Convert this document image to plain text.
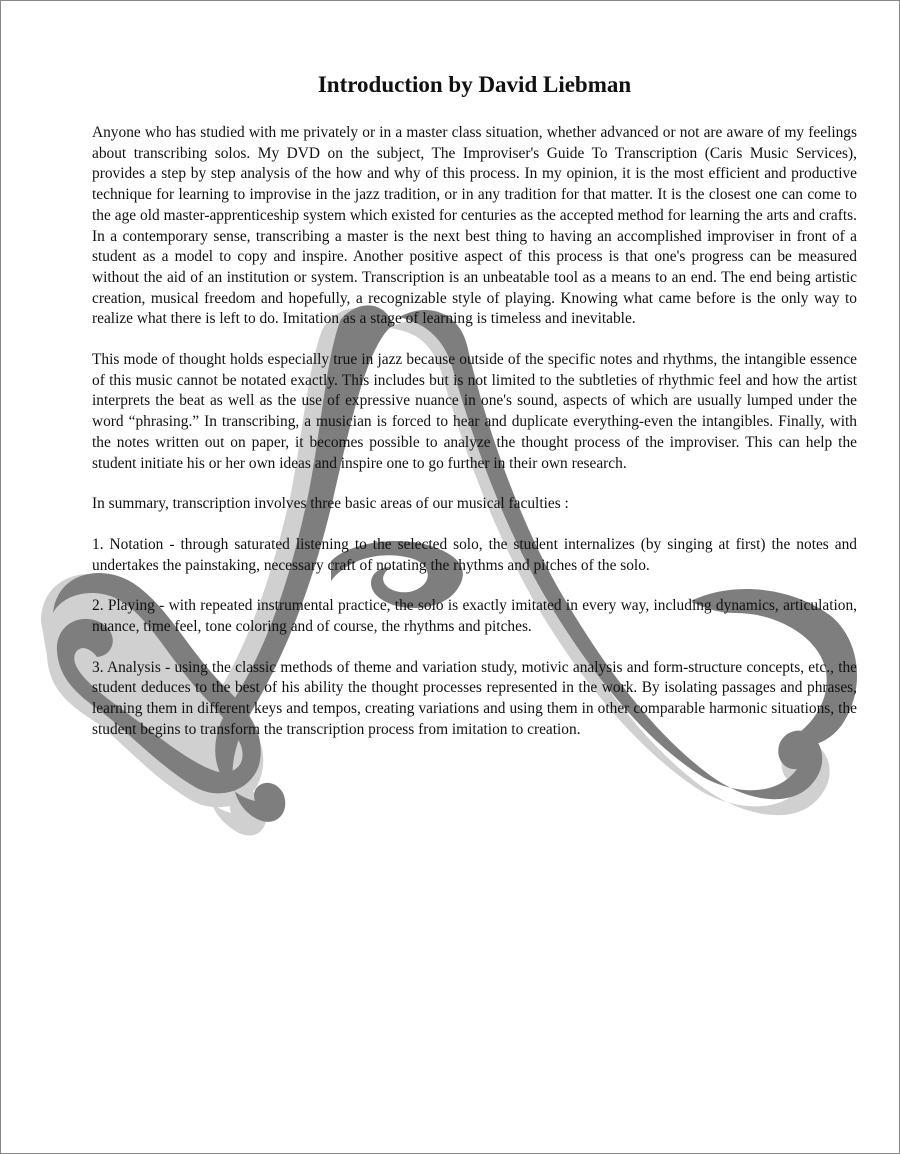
Introduction by David Liebman

Anyone who has studied with me privately or in a master class situation, whether advanced or not are aware of my feelings about transcribing solos. My DVD on the subject, The Improviser's Guide To Transcription (Caris Music Services), provides a step by step analysis of the how and why of this process. In my opinion, it is the most efficient and productive technique for learning to improvise in the jazz tradition, or in any tradition for that matter. It is the closest one can come to the age old master-apprenticeship system which existed for centuries as the accepted method for learning the arts and crafts. In a contemporary sense, transcribing a master is the next best thing to having an accomplished improviser in front of a student as a model to copy and inspire. Another positive aspect of this process is that one's progress can be measured without the aid of an institution or system. Transcription is an unbeatable tool as a means to an end. The end being artistic creation, musical freedom and hopefully, a recognizable style of playing. Knowing what came before is the only way to realize what there is left to do. Imitation as a stage of learning is timeless and inevitable.

This mode of thought holds especially true in jazz because outside of the specific notes and rhythms, the intangible essence of this music cannot be notated exactly. This includes but is not limited to the subtleties of rhythmic feel and how the artist interprets the beat as well as the use of expressive nuance in one's sound, aspects of which are usually lumped under the word “phrasing.” In transcribing, a musician is forced to hear and duplicate everything-even the intangibles. Finally, with the notes written out on paper, it becomes possible to analyze the thought process of the improviser. This can help the student initiate his or her own ideas and inspire one to go further in their own research.

In summary, transcription involves three basic areas of our musical faculties :

1. Notation - through saturated listening to the selected solo, the student internalizes (by singing at first) the notes and undertakes the painstaking, necessary craft of notating the rhythms and pitches of the solo.

2. Playing - with repeated instrumental practice, the solo is exactly imitated in every way, including dynamics, articulation, nuance, time feel, tone coloring and of course, the rhythms and pitches.

3. Analysis - using the classic methods of theme and variation study, motivic analysis and form-structure concepts, etc., the student deduces to the best of his ability the thought processes represented in the work. By isolating passages and phrases, learning them in different keys and tempos, creating variations and using them in other comparable harmonic situations, the student begins to transform the transcription process from imitation to creation.
